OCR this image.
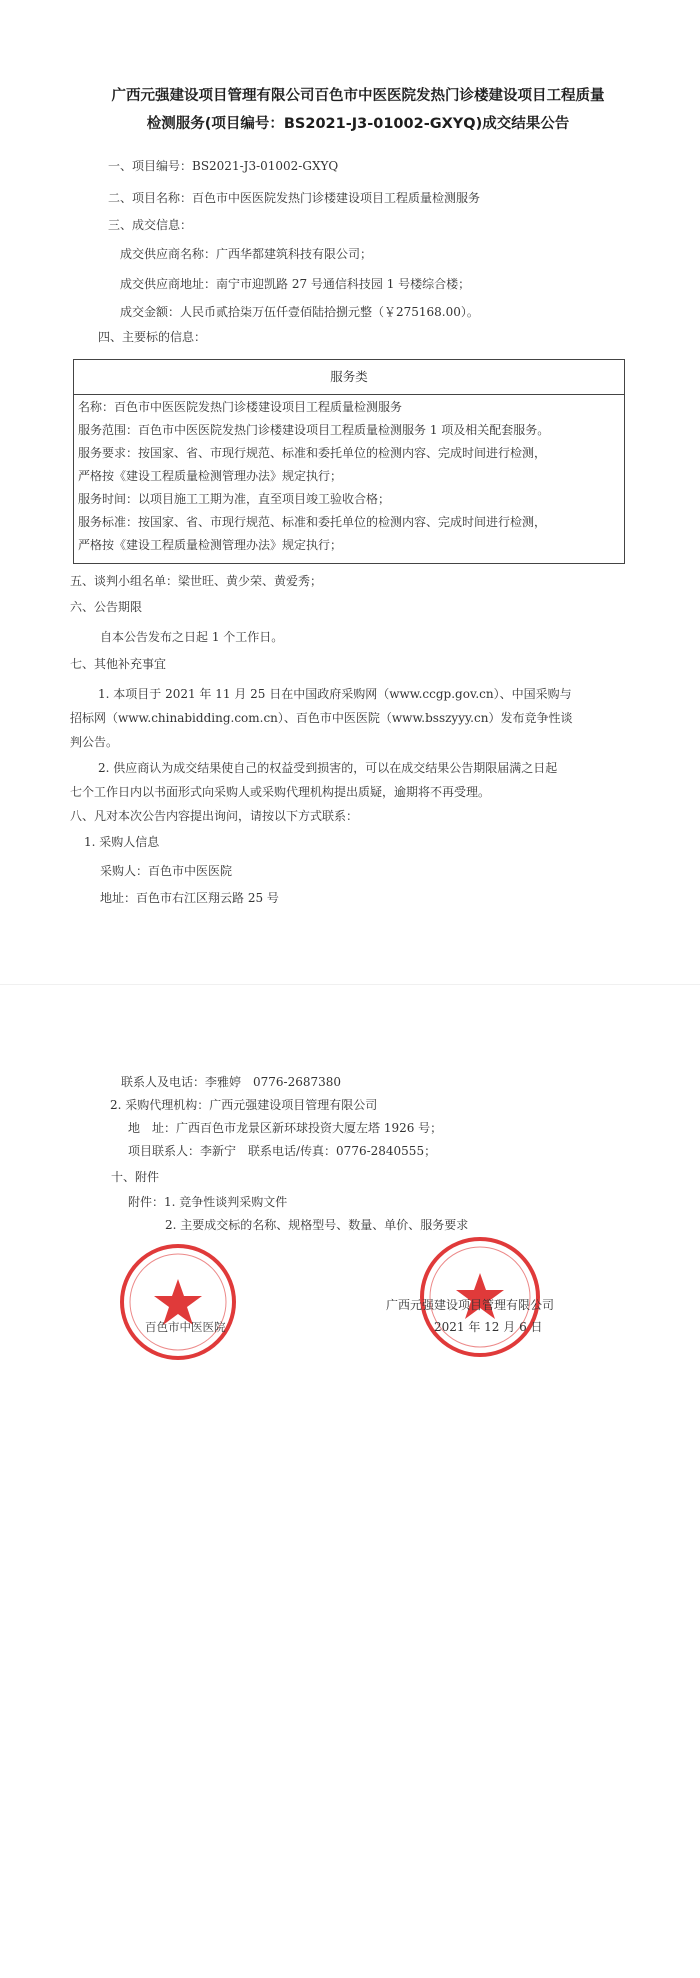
广西元强建设项目管理有限公司百色市中医医院发热门诊楼建设项目工程质量
检测服务(项目编号：BS2021-J3-01002-GXYQ)成交结果公告
一、项目编号：BS2021-J3-01002-GXYQ
二、项目名称：百色市中医医院发热门诊楼建设项目工程质量检测服务
三、成交信息：
成交供应商名称：广西华都建筑科技有限公司；
成交供应商地址：南宁市迎凯路 27 号通信科技园 1 号楼综合楼；
成交金额：人民币贰拾柒万伍仟壹佰陆拾捌元整（￥275168.00）。
四、主要标的信息：
服务类
名称：百色市中医医院发热门诊楼建设项目工程质量检测服务
服务范围：百色市中医医院发热门诊楼建设项目工程质量检测服务 1 项及相关配套服务。
服务要求：按国家、省、市现行规范、标准和委托单位的检测内容、完成时间进行检测，
严格按《建设工程质量检测管理办法》规定执行；
服务时间：以项目施工工期为准，直至项目竣工验收合格；
服务标准：按国家、省、市现行规范、标准和委托单位的检测内容、完成时间进行检测，
严格按《建设工程质量检测管理办法》规定执行；
五、谈判小组名单：梁世旺、黄少荣、黄爱秀；
六、公告期限
自本公告发布之日起 1 个工作日。
七、其他补充事宜
1. 本项目于 2021 年 11 月 25 日在中国政府采购网（www.ccgp.gov.cn）、中国采购与
招标网（www.chinabidding.com.cn）、百色市中医医院（www.bsszyyy.cn）发布竞争性谈
判公告。
2. 供应商认为成交结果使自己的权益受到损害的，可以在成交结果公告期限届满之日起
七个工作日内以书面形式向采购人或采购代理机构提出质疑，逾期将不再受理。
八、凡对本次公告内容提出询问，请按以下方式联系：
1. 采购人信息
采购人：百色市中医医院
地址：百色市右江区翔云路 25 号
联系人及电话：李雅婷　0776-2687380
2. 采购代理机构：广西元强建设项目管理有限公司
地　址：广西百色市龙景区新环球投资大厦左塔 1926 号；
项目联系人：李新宁　联系电话/传真：0776-2840555；
十、附件
附件：1. 竞争性谈判采购文件
2. 主要成交标的名称、规格型号、数量、单价、服务要求
百色市中医医院
广西元强建设项目管理有限公司
2021 年 12 月 6 日
